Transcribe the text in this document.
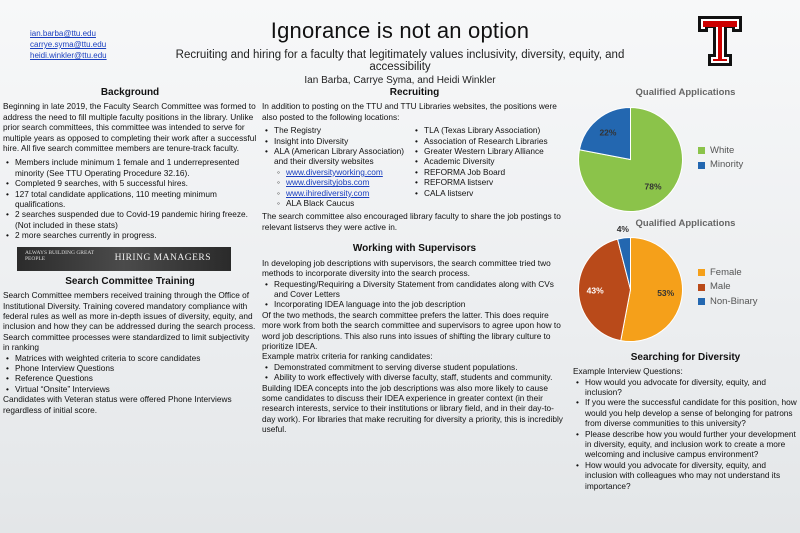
ian.barba@ttu.edu
carrye.syma@ttu.edu
heidi.winkler@ttu.edu
Ignorance is not an option
Recruiting and hiring for a faculty that legitimately values inclusivity, diversity, equity, and accessibility
Ian Barba, Carrye Syma, and Heidi Winkler
Background

Beginning in late 2019, the Faculty Search Committee was formed to address the need to fill multiple faculty positions in the library. Unlike prior search committees, this committee was intended to serve for multiple years as opposed to completing their work after a successful hire. All five search committee members are tenure-track faculty.

• Members include minimum 1 female and 1 underrepresented minority (See TTU Operating Procedure 32.16).
• Completed 9 searches, with 5 successful hires.
• 127 total candidate applications, 110 meeting minimum qualifications.
• 2 searches suspended due to Covid-19 pandemic hiring freeze. (Not included in these stats)
• 2 more searches currently in progress.
ALWAYS BUILDING GREAT PEOPLE	HIRING MANAGERS
Search Committee Training

Search Committee members received training through the Office of Institutional Diversity. Training covered mandatory compliance with federal rules as well as more in-depth issues of diversity, equity, and inclusion and how they can be addressed during the search process.

Search committee processes were standardized to limit subjectivity in ranking

• Matrices with weighted criteria to score candidates
• Phone Interview Questions
• Reference Questions
• Virtual “Onsite” Interviews

Candidates with Veteran status were offered Phone Interviews regardless of initial score.

Recruiting

In addition to posting on the TTU and TTU Libraries websites, the positions were also posted to the following locations:

• The Registry
• Insight into Diversity
• ALA (American Library Association) and their diversity websites
◦ www.diversityworking.com
◦ www.diversityjobs.com
◦ www.ihirediversity.com
◦ ALA Black Caucus
• TLA (Texas Library Association)
• Association of Research Libraries
• Greater Western Library Alliance
• Academic Diversity
• REFORMA Job Board
• REFORMA listserv
• CALA listserv

The search committee also encouraged library faculty to share the job postings to relevant listservs they were active in.

Working with Supervisors

In developing job descriptions with supervisors, the search committee tried two methods to incorporate diversity into the search process.

• Requesting/Requiring a Diversity Statement from candidates along with CVs and Cover Letters
• Incorporating IDEA language into the job description

Of the two methods, the search committee prefers the latter. This does require more work from both the search committee and supervisors to agree upon how to word job descriptions. This also runs into issues of shifting the library culture to prioritize IDEA.

Example matrix criteria for ranking candidates:

• Demonstrated commitment to serving diverse student populations.
• Ability to work effectively with diverse faculty, staff, students and community.

Building IDEA concepts into the job descriptions was also more likely to cause some candidates to discuss their IDEA experience in greater context (in their research interests, service to their institutions or library field, and in their day-to-day work). For libraries that make recruiting for diversity a priority, this is incredibly useful.

Qualified Applications
78%
22%
White
Minority
Qualified Applications
53%
43%
4%
Female
Male
Non-Binary
Searching for Diversity

Example Interview Questions:

• How would you advocate for diversity, equity, and inclusion?
• If you were the successful candidate for this position, how would you help develop a sense of belonging for patrons from diverse communities to this university?
• Please describe how you would further your development in diversity, equity, and inclusion work to create a more welcoming and inclusive campus environment?
• How would you advocate for diversity, equity, and inclusion with colleagues who may not understand its importance?
